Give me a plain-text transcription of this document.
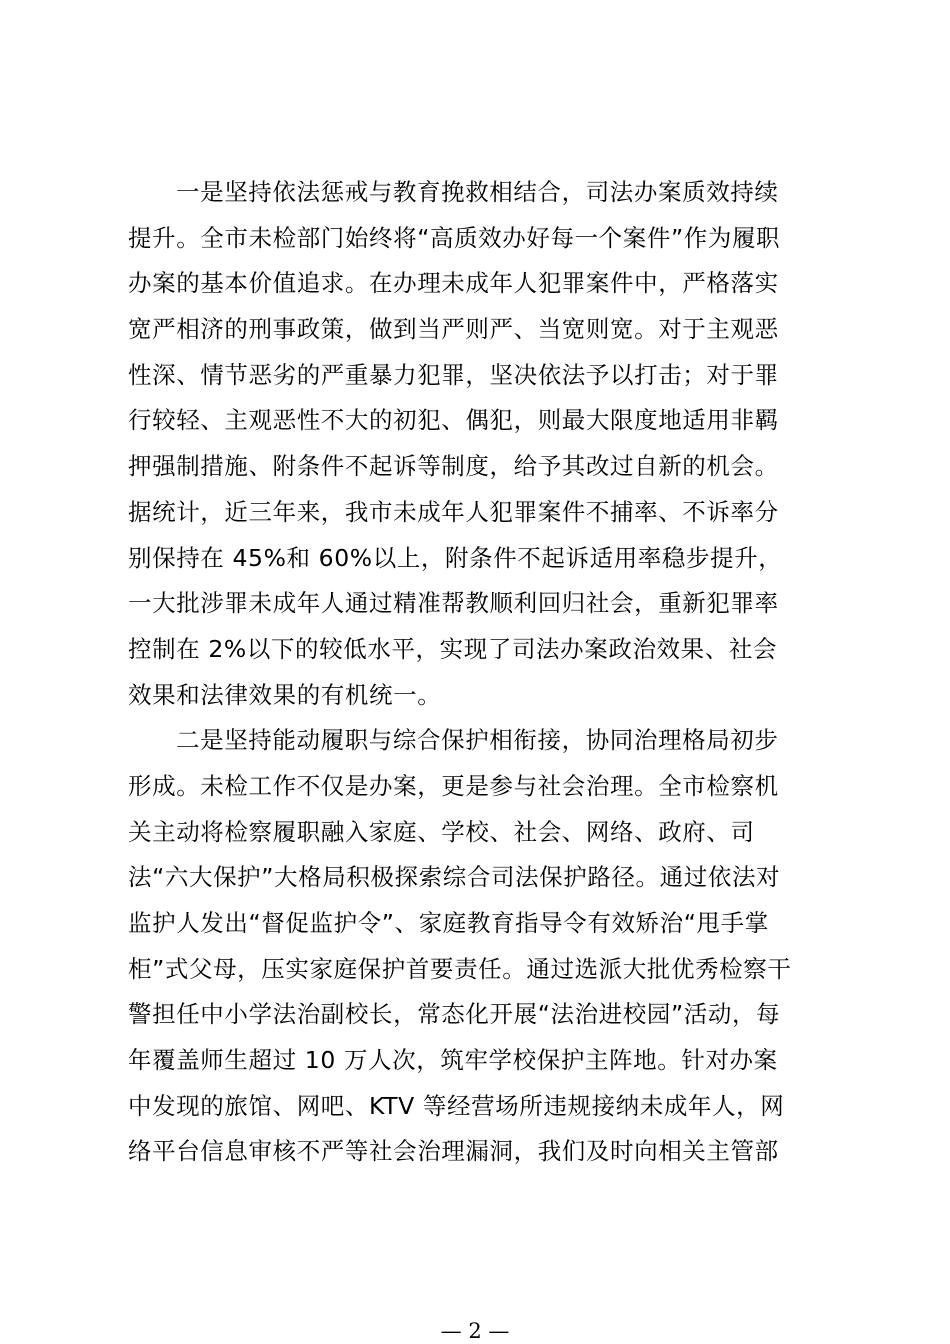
一是坚持依法惩戒与教育挽救相结合，司法办案质效持续
提升。全市未检部门始终将“高质效办好每一个案件”作为履职
办案的基本价值追求。在办理未成年人犯罪案件中，严格落实
宽严相济的刑事政策，做到当严则严、当宽则宽。对于主观恶
性深、情节恶劣的严重暴力犯罪，坚决依法予以打击；对于罪
行较轻、主观恶性不大的初犯、偶犯，则最大限度地适用非羁
押强制措施、附条件不起诉等制度，给予其改过自新的机会。
据统计，近三年来，我市未成年人犯罪案件不捕率、不诉率分
别保持在 45%和 60%以上，附条件不起诉适用率稳步提升，
一大批涉罪未成年人通过精准帮教顺利回归社会，重新犯罪率
控制在 2%以下的较低水平，实现了司法办案政治效果、社会
效果和法律效果的有机统一。
二是坚持能动履职与综合保护相衔接，协同治理格局初步
形成。未检工作不仅是办案，更是参与社会治理。全市检察机
关主动将检察履职融入家庭、学校、社会、网络、政府、司
法“六大保护”大格局积极探索综合司法保护路径。通过依法对
监护人发出“督促监护令”、家庭教育指导令有效矫治“甩手掌
柜”式父母，压实家庭保护首要责任。通过选派大批优秀检察干
警担任中小学法治副校长，常态化开展“法治进校园”活动，每
年覆盖师生超过 10 万人次，筑牢学校保护主阵地。针对办案
中发现的旅馆、网吧、KTV 等经营场所违规接纳未成年人，网
络平台信息审核不严等社会治理漏洞，我们及时向相关主管部
— 2 —
